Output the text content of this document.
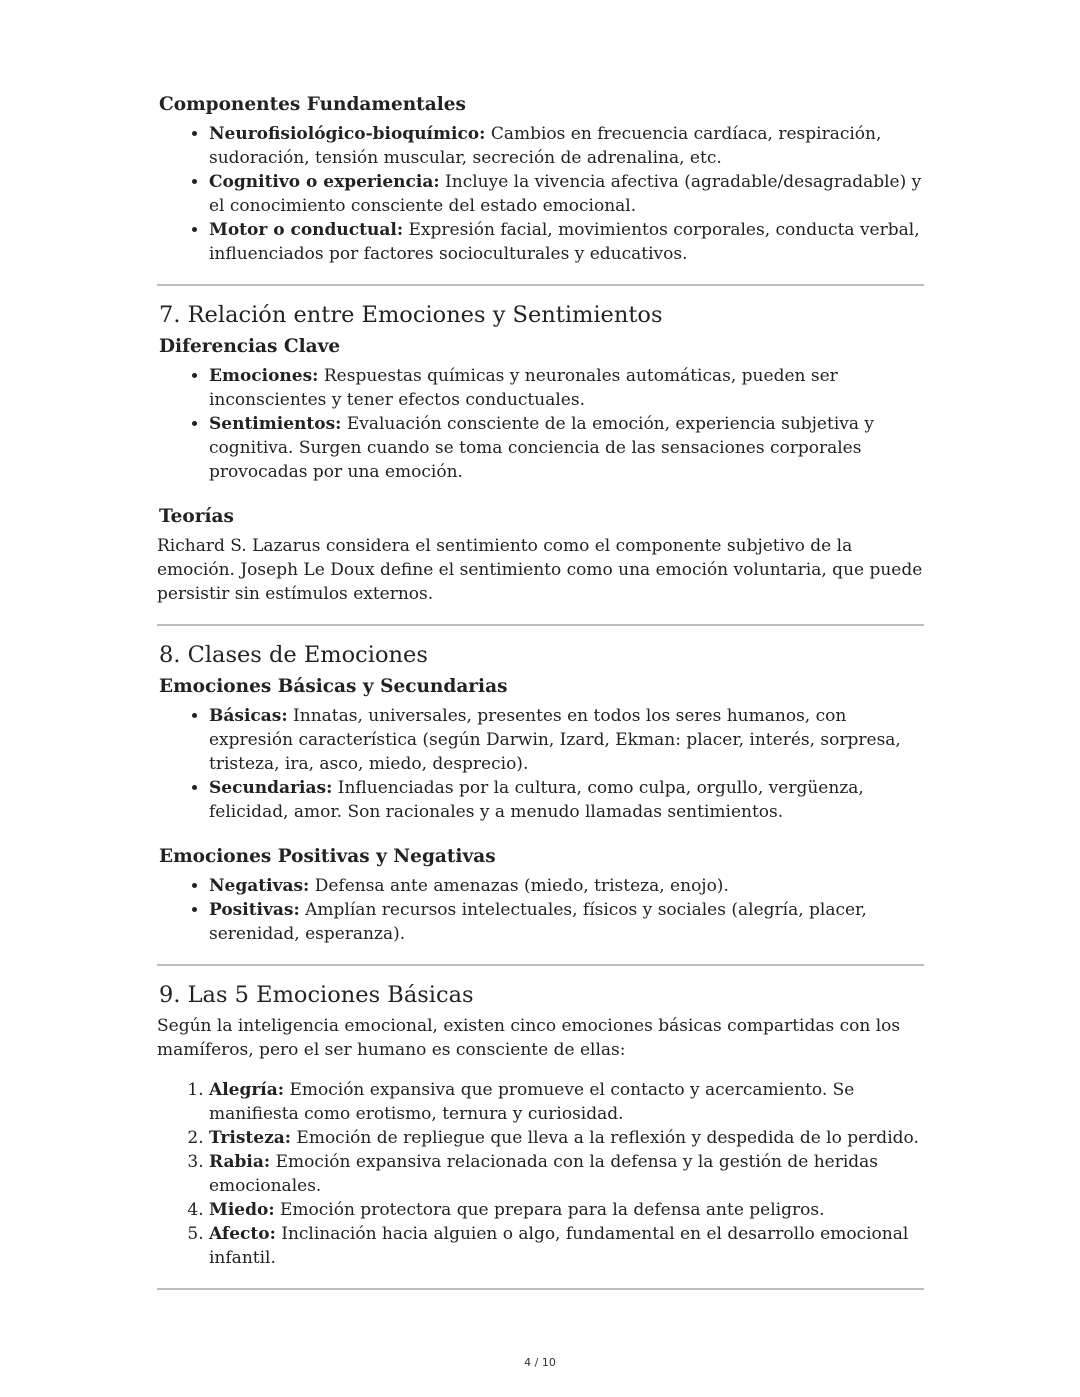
Componentes Fundamentales
• Neurofisiológico-bioquímico: Cambios en frecuencia cardíaca, respiración, sudoración, tensión muscular, secreción de adrenalina, etc.
• Cognitivo o experiencia: Incluye la vivencia afectiva (agradable/desagradable) y el conocimiento consciente del estado emocional.
• Motor o conductual: Expresión facial, movimientos corporales, conducta verbal, influenciados por factores socioculturales y educativos.
7. Relación entre Emociones y Sentimientos
Diferencias Clave
• Emociones: Respuestas químicas y neuronales automáticas, pueden ser inconscientes y tener efectos conductuales.
• Sentimientos: Evaluación consciente de la emoción, experiencia subjetiva y cognitiva. Surgen cuando se toma conciencia de las sensaciones corporales provocadas por una emoción.
Teorías

Richard S. Lazarus considera el sentimiento como el componente subjetivo de la emoción. Joseph Le Doux define el sentimiento como una emoción voluntaria, que puede persistir sin estímulos externos.

8. Clases de Emociones
Emociones Básicas y Secundarias
• Básicas: Innatas, universales, presentes en todos los seres humanos, con expresión característica (según Darwin, Izard, Ekman: placer, interés, sorpresa, tristeza, ira, asco, miedo, desprecio).
• Secundarias: Influenciadas por la cultura, como culpa, orgullo, vergüenza, felicidad, amor. Son racionales y a menudo llamadas sentimientos.
Emociones Positivas y Negativas
• Negativas: Defensa ante amenazas (miedo, tristeza, enojo).
• Positivas: Amplían recursos intelectuales, físicos y sociales (alegría, placer, serenidad, esperanza).
9. Las 5 Emociones Básicas

Según la inteligencia emocional, existen cinco emociones básicas compartidas con los mamíferos, pero el ser humano es consciente de ellas:

1. Alegría: Emoción expansiva que promueve el contacto y acercamiento. Se manifiesta como erotismo, ternura y curiosidad.
2. Tristeza: Emoción de repliegue que lleva a la reflexión y despedida de lo perdido.
3. Rabia: Emoción expansiva relacionada con la defensa y la gestión de heridas emocionales.
4. Miedo: Emoción protectora que prepara para la defensa ante peligros.
5. Afecto: Inclinación hacia alguien o algo, fundamental en el desarrollo emocional infantil.
4 / 10
